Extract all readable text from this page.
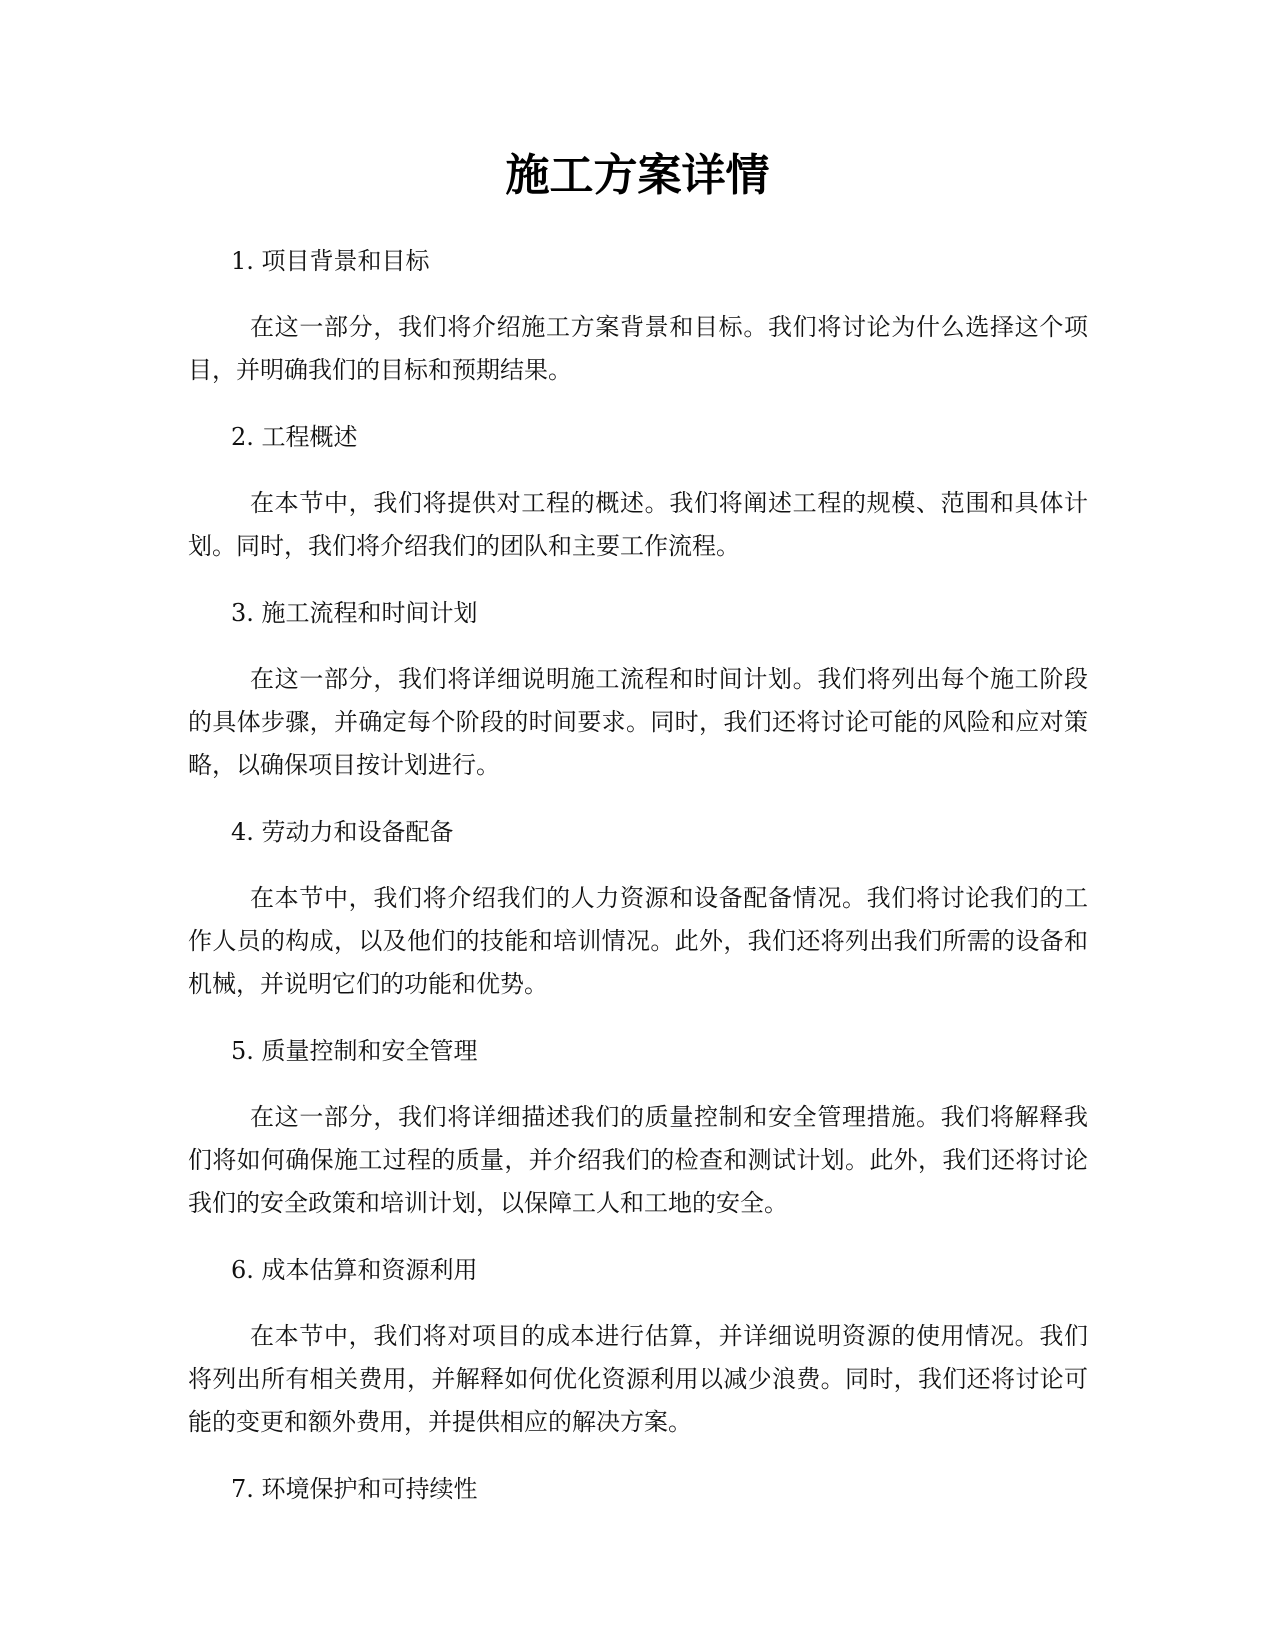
施工方案详情

1. 项目背景和目标

在这一部分，我们将介绍施工方案背景和目标。我们将讨论为什么选择这个项目，并明确我们的目标和预期结果。

2. 工程概述

在本节中，我们将提供对工程的概述。我们将阐述工程的规模、范围和具体计划。同时，我们将介绍我们的团队和主要工作流程。

3. 施工流程和时间计划

在这一部分，我们将详细说明施工流程和时间计划。我们将列出每个施工阶段的具体步骤，并确定每个阶段的时间要求。同时，我们还将讨论可能的风险和应对策略，以确保项目按计划进行。

4. 劳动力和设备配备

在本节中，我们将介绍我们的人力资源和设备配备情况。我们将讨论我们的工作人员的构成，以及他们的技能和培训情况。此外，我们还将列出我们所需的设备和机械，并说明它们的功能和优势。

5. 质量控制和安全管理

在这一部分，我们将详细描述我们的质量控制和安全管理措施。我们将解释我们将如何确保施工过程的质量，并介绍我们的检查和测试计划。此外，我们还将讨论我们的安全政策和培训计划，以保障工人和工地的安全。

6. 成本估算和资源利用

在本节中，我们将对项目的成本进行估算，并详细说明资源的使用情况。我们将列出所有相关费用，并解释如何优化资源利用以减少浪费。同时，我们还将讨论可能的变更和额外费用，并提供相应的解决方案。

7. 环境保护和可持续性
